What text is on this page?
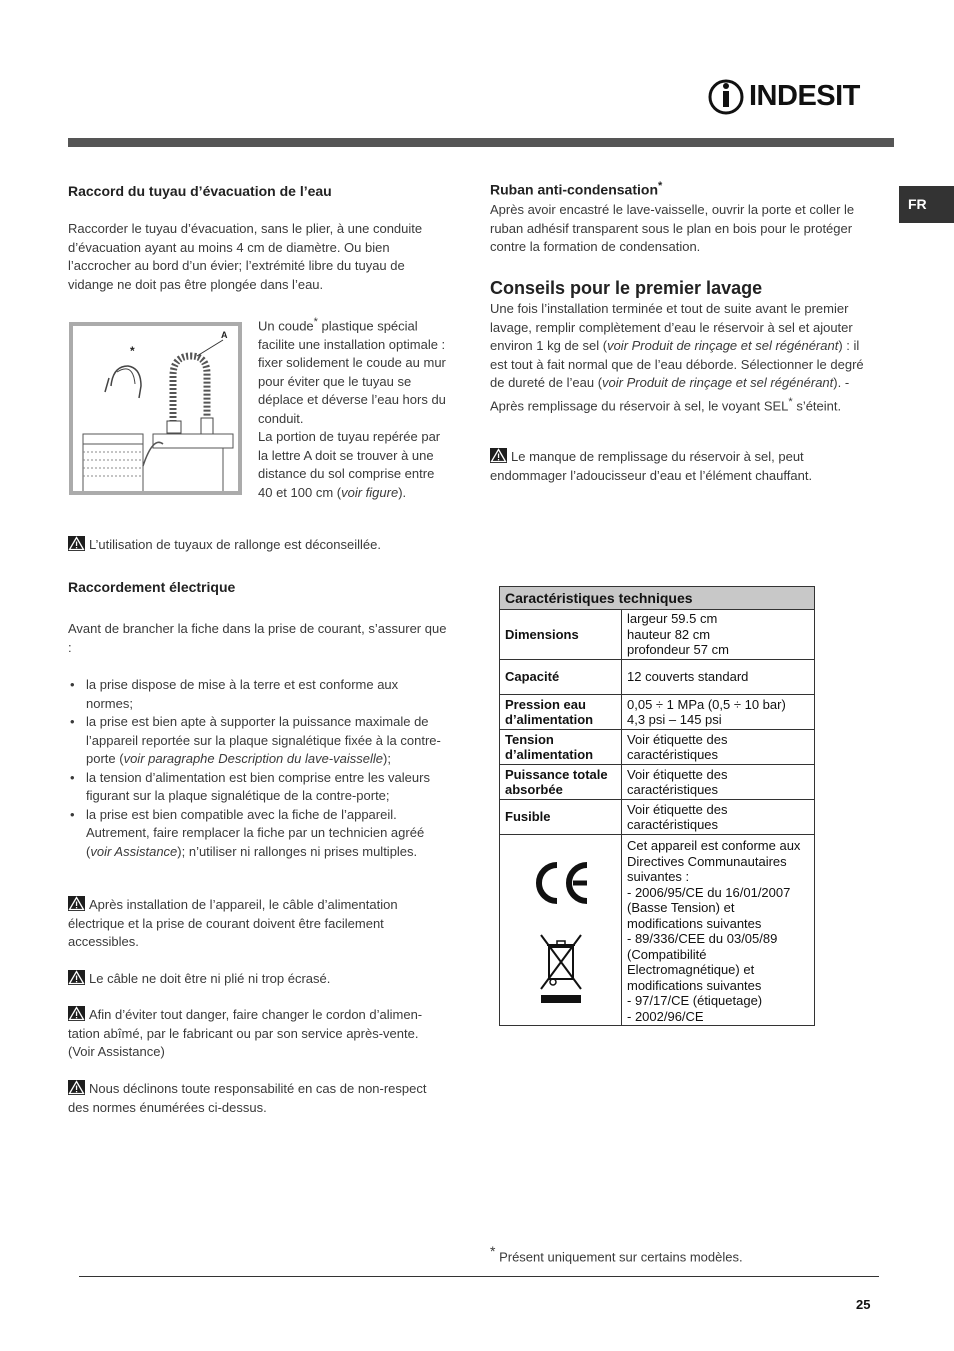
INDESIT
FR
Raccord du tuyau d’évacuation de l’eau
Raccorder le tuyau d’évacuation, sans le plier, à une conduite d’évacuation ayant au moins 4 cm de diamètre. Ou bien l’accrocher au bord d’un évier; l’extrémité libre du tuyau de vidange ne doit pas être plongée dans l’eau.
A
*
Un coude* plastique spécial facilite une installation optimale : fixer solidement le coude au mur pour éviter que le tuyau se déplace et déverse l’eau hors du conduit.
La portion de tuyau repérée par la lettre A doit se trouver à une distance du sol comprise entre 40 et 100 cm (voir figure).
L’utilisation de tuyaux de rallonge est déconseillée.
Raccordement électrique
Avant de brancher la fiche dans la prise de courant, s’assurer que :
• la prise dispose de mise à la terre et est conforme aux normes;
• la prise est bien apte à supporter la puissance maximale de l’appareil reportée sur la plaque signalétique fixée à la contre-porte (voir paragraphe Description du lave-vaisselle);
• la tension d’alimentation est bien comprise entre les valeurs figurant sur la plaque signalétique de la contre-porte;
• la prise est bien compatible avec la fiche de l’appareil. Autrement, faire remplacer la fiche par un technicien agréé (voir Assistance); n’utiliser ni rallonges ni prises multiples.
Après installation de l’appareil, le câble d’alimentation électrique et la prise de courant doivent être facilement accessibles.
Le câble ne doit être ni plié ni trop écrasé.
Afin d’éviter tout danger, faire changer le cordon d’alimen-tation abîmé, par le fabricant ou par son service après-vente. (Voir Assistance)
Nous déclinons toute responsabilité en cas de non-respect des normes énumérées ci-dessus.
Ruban anti-condensation*
Après avoir encastré le lave-vaisselle, ouvrir la porte et coller le ruban adhésif transparent sous le plan en bois pour le protéger contre la formation de condensation.
Conseils pour le premier lavage
Une fois l’installation terminée et tout de suite avant le premier lavage, remplir complètement d’eau le réservoir à sel et ajouter environ 1 kg de sel (voir Produit de rinçage et sel régénérant) : il est tout à fait normal que de l’eau déborde. Sélectionner le degré de dureté de l’eau (voir Produit de rinçage et sel régénérant). - Après remplissage du réservoir à sel, le voyant SEL* s’éteint.
Le manque de remplissage du réservoir à sel, peut endommager l’adoucisseur d’eau et l’élément chauffant.
Caractéristiques techniques	
Dimensions	largeur 59.5 cm
hauteur 82 cm
profondeur 57 cm
Capacité	12 couverts standard
Pression eau d’alimentation	0,05 ÷ 1 MPa (0,5 ÷ 10 bar)
4,3 psi – 145 psi
Tension d’alimentation	Voir étiquette des caractéristiques
Puissance totale absorbée	Voir étiquette des caractéristiques
Fusible	Voir étiquette des caractéristiques

	Cet appareil est conforme aux Directives Communautaires suivantes :
- 2006/95/CE du 16/01/2007 (Basse Tension) et modifications suivantes
- 89/336/CEE du 03/05/89 (Compatibilité Electromagnétique) et modifications suivantes
- 97/17/CE (étiquetage)
- 2002/96/CE
* Présent uniquement sur certains modèles.
25
